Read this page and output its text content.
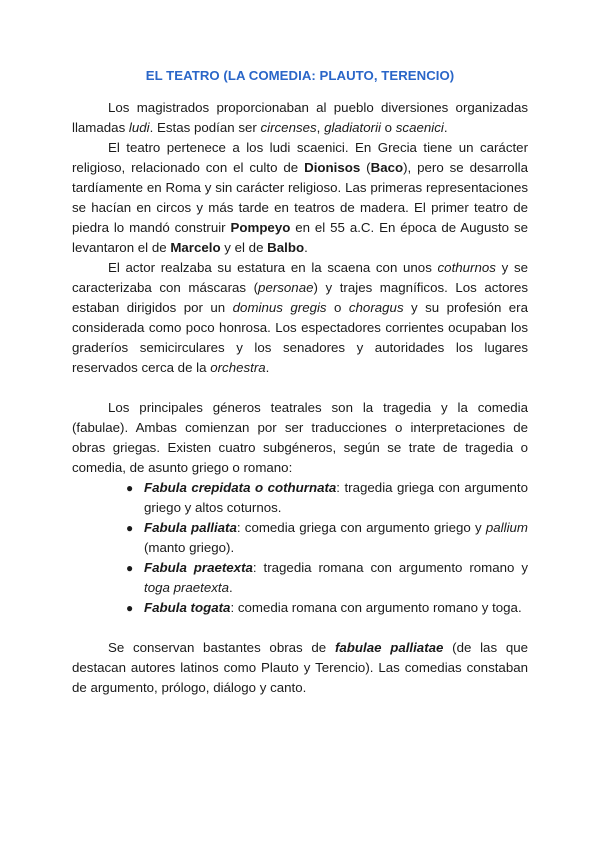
EL TEATRO (LA COMEDIA: PLAUTO, TERENCIO)

Los magistrados proporcionaban al pueblo diversiones organizadas llamadas ludi. Estas podían ser circenses, gladiatorii o scaenici.

El teatro pertenece a los ludi scaenici. En Grecia tiene un carácter religioso, relacionado con el culto de Dionisos (Baco), pero se desarrolla tardíamente en Roma y sin carácter religioso. Las primeras representaciones se hacían en circos y más tarde en teatros de madera. El primer teatro de piedra lo mandó construir Pompeyo en el 55 a.C. En época de Augusto se levantaron el de Marcelo y el de Balbo.

El actor realzaba su estatura en la scaena con unos cothurnos y se caracterizaba con máscaras (personae) y trajes magníficos. Los actores estaban dirigidos por un dominus gregis o choragus y su profesión era considerada como poco honrosa. Los espectadores corrientes ocupaban los graderíos semicirculares y los senadores y autoridades los lugares reservados cerca de la orchestra.

Los principales géneros teatrales son la tragedia y la comedia (fabulae). Ambas comienzan por ser traducciones o interpretaciones de obras griegas. Existen cuatro subgéneros, según se trate de tragedia o comedia, de asunto griego o romano:

● Fabula crepidata o cothurnata: tragedia griega con argumento griego y altos coturnos.
● Fabula palliata: comedia griega con argumento griego y pallium (manto griego).
● Fabula praetexta: tragedia romana con argumento romano y toga praetexta.
● Fabula togata: comedia romana con argumento romano y toga.

Se conservan bastantes obras de fabulae palliatae (de las que destacan autores latinos como Plauto y Terencio). Las comedias constaban de argumento, prólogo, diálogo y canto.
